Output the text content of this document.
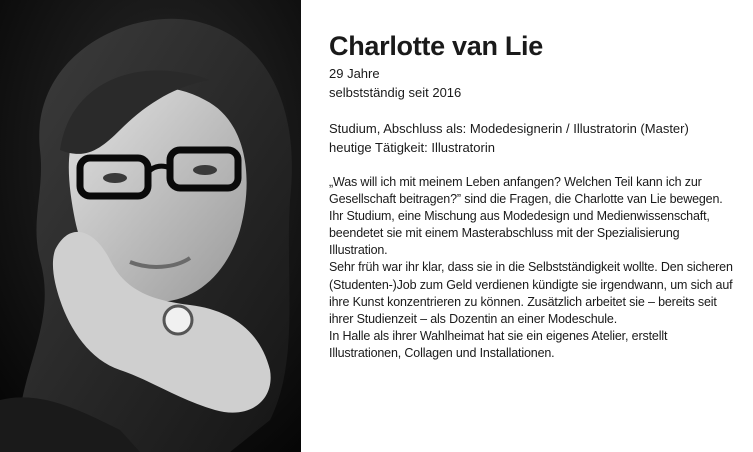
Charlotte van Lie
29 Jahre
selbstständig seit 2016
Studium, Abschluss als: Modedesignerin / Illustratorin (Master)
heutige Tätigkeit: Illustratorin

„Was will ich mit meinem Leben anfangen? Welchen Teil kann ich zur Gesellschaft beitragen?” sind die Fragen, die Charlotte van Lie bewegen. Ihr Studium, eine Mischung aus Modedesign und Medienwissenschaft, beendetet sie mit einem Masterabschluss mit der Spezialisierung Illustration.

Sehr früh war ihr klar, dass sie in die Selbstständigkeit wollte. Den sicheren (Studenten-)Job zum Geld verdienen kündigte sie irgendwann, um sich auf ihre Kunst konzentrieren zu können. Zusätzlich arbeitet sie – bereits seit ihrer Studienzeit – als Dozentin an einer Modeschule.

In Halle als ihrer Wahlheimat hat sie ein eigenes Atelier, erstellt Illustrationen, Collagen und Installationen.
